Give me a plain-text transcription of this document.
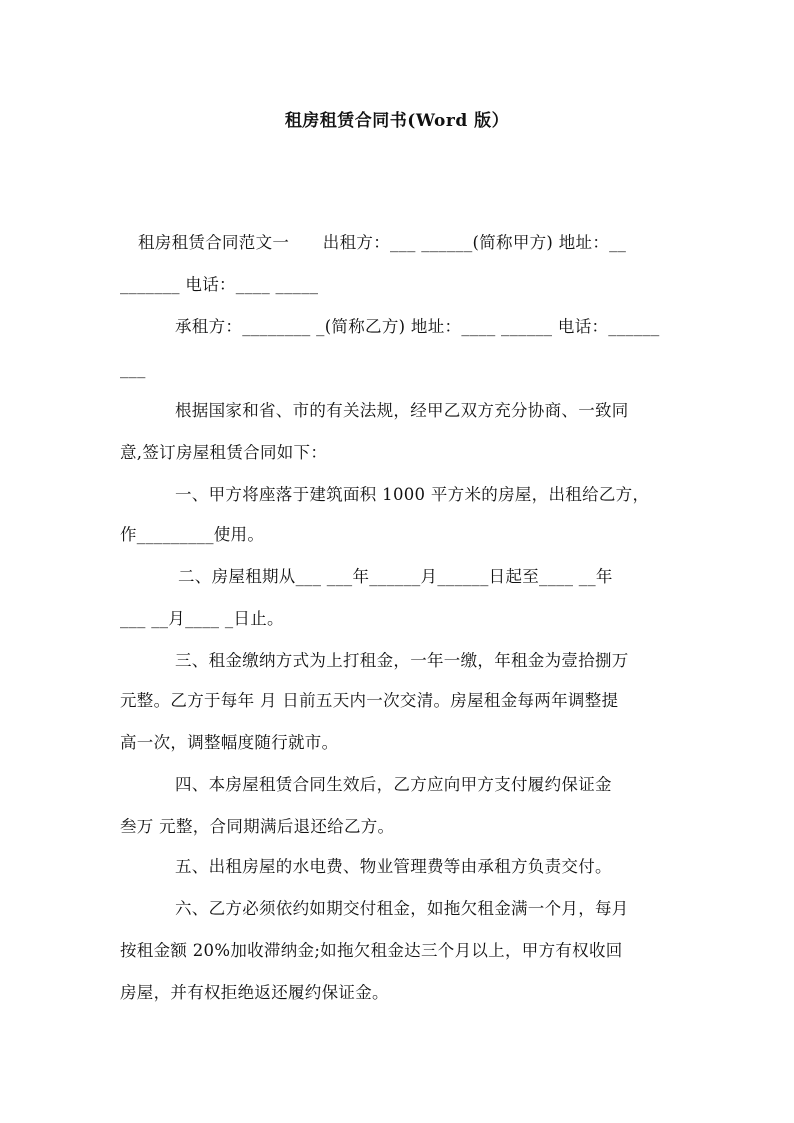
租房租赁合同书(Word 版）
租房租赁合同范文一　　出租方：___ ______(简称甲方) 地址：__
_______ 电话：____ _____
承租方：________ _(简称乙方) 地址：____ ______ 电话：______
___
根据国家和省、市的有关法规，经甲乙双方充分协商、一致同
意,签订房屋租赁合同如下：
一、甲方将座落于建筑面积 1000 平方米的房屋，出租给乙方，
作_________使用。
二、房屋租期从___ ___年______月______日起至____ __年
___ __月____ _日止。
三、租金缴纳方式为上打租金，一年一缴，年租金为壹拾捌万
元整。乙方于每年 月 日前五天内一次交清。房屋租金每两年调整提
高一次，调整幅度随行就市。
四、本房屋租赁合同生效后，乙方应向甲方支付履约保证金
叁万 元整，合同期满后退还给乙方。
五、出租房屋的水电费、物业管理费等由承租方负责交付。
六、乙方必须依约如期交付租金，如拖欠租金满一个月，每月
按租金额 20%加收滞纳金;如拖欠租金达三个月以上，甲方有权收回
房屋，并有权拒绝返还履约保证金。
